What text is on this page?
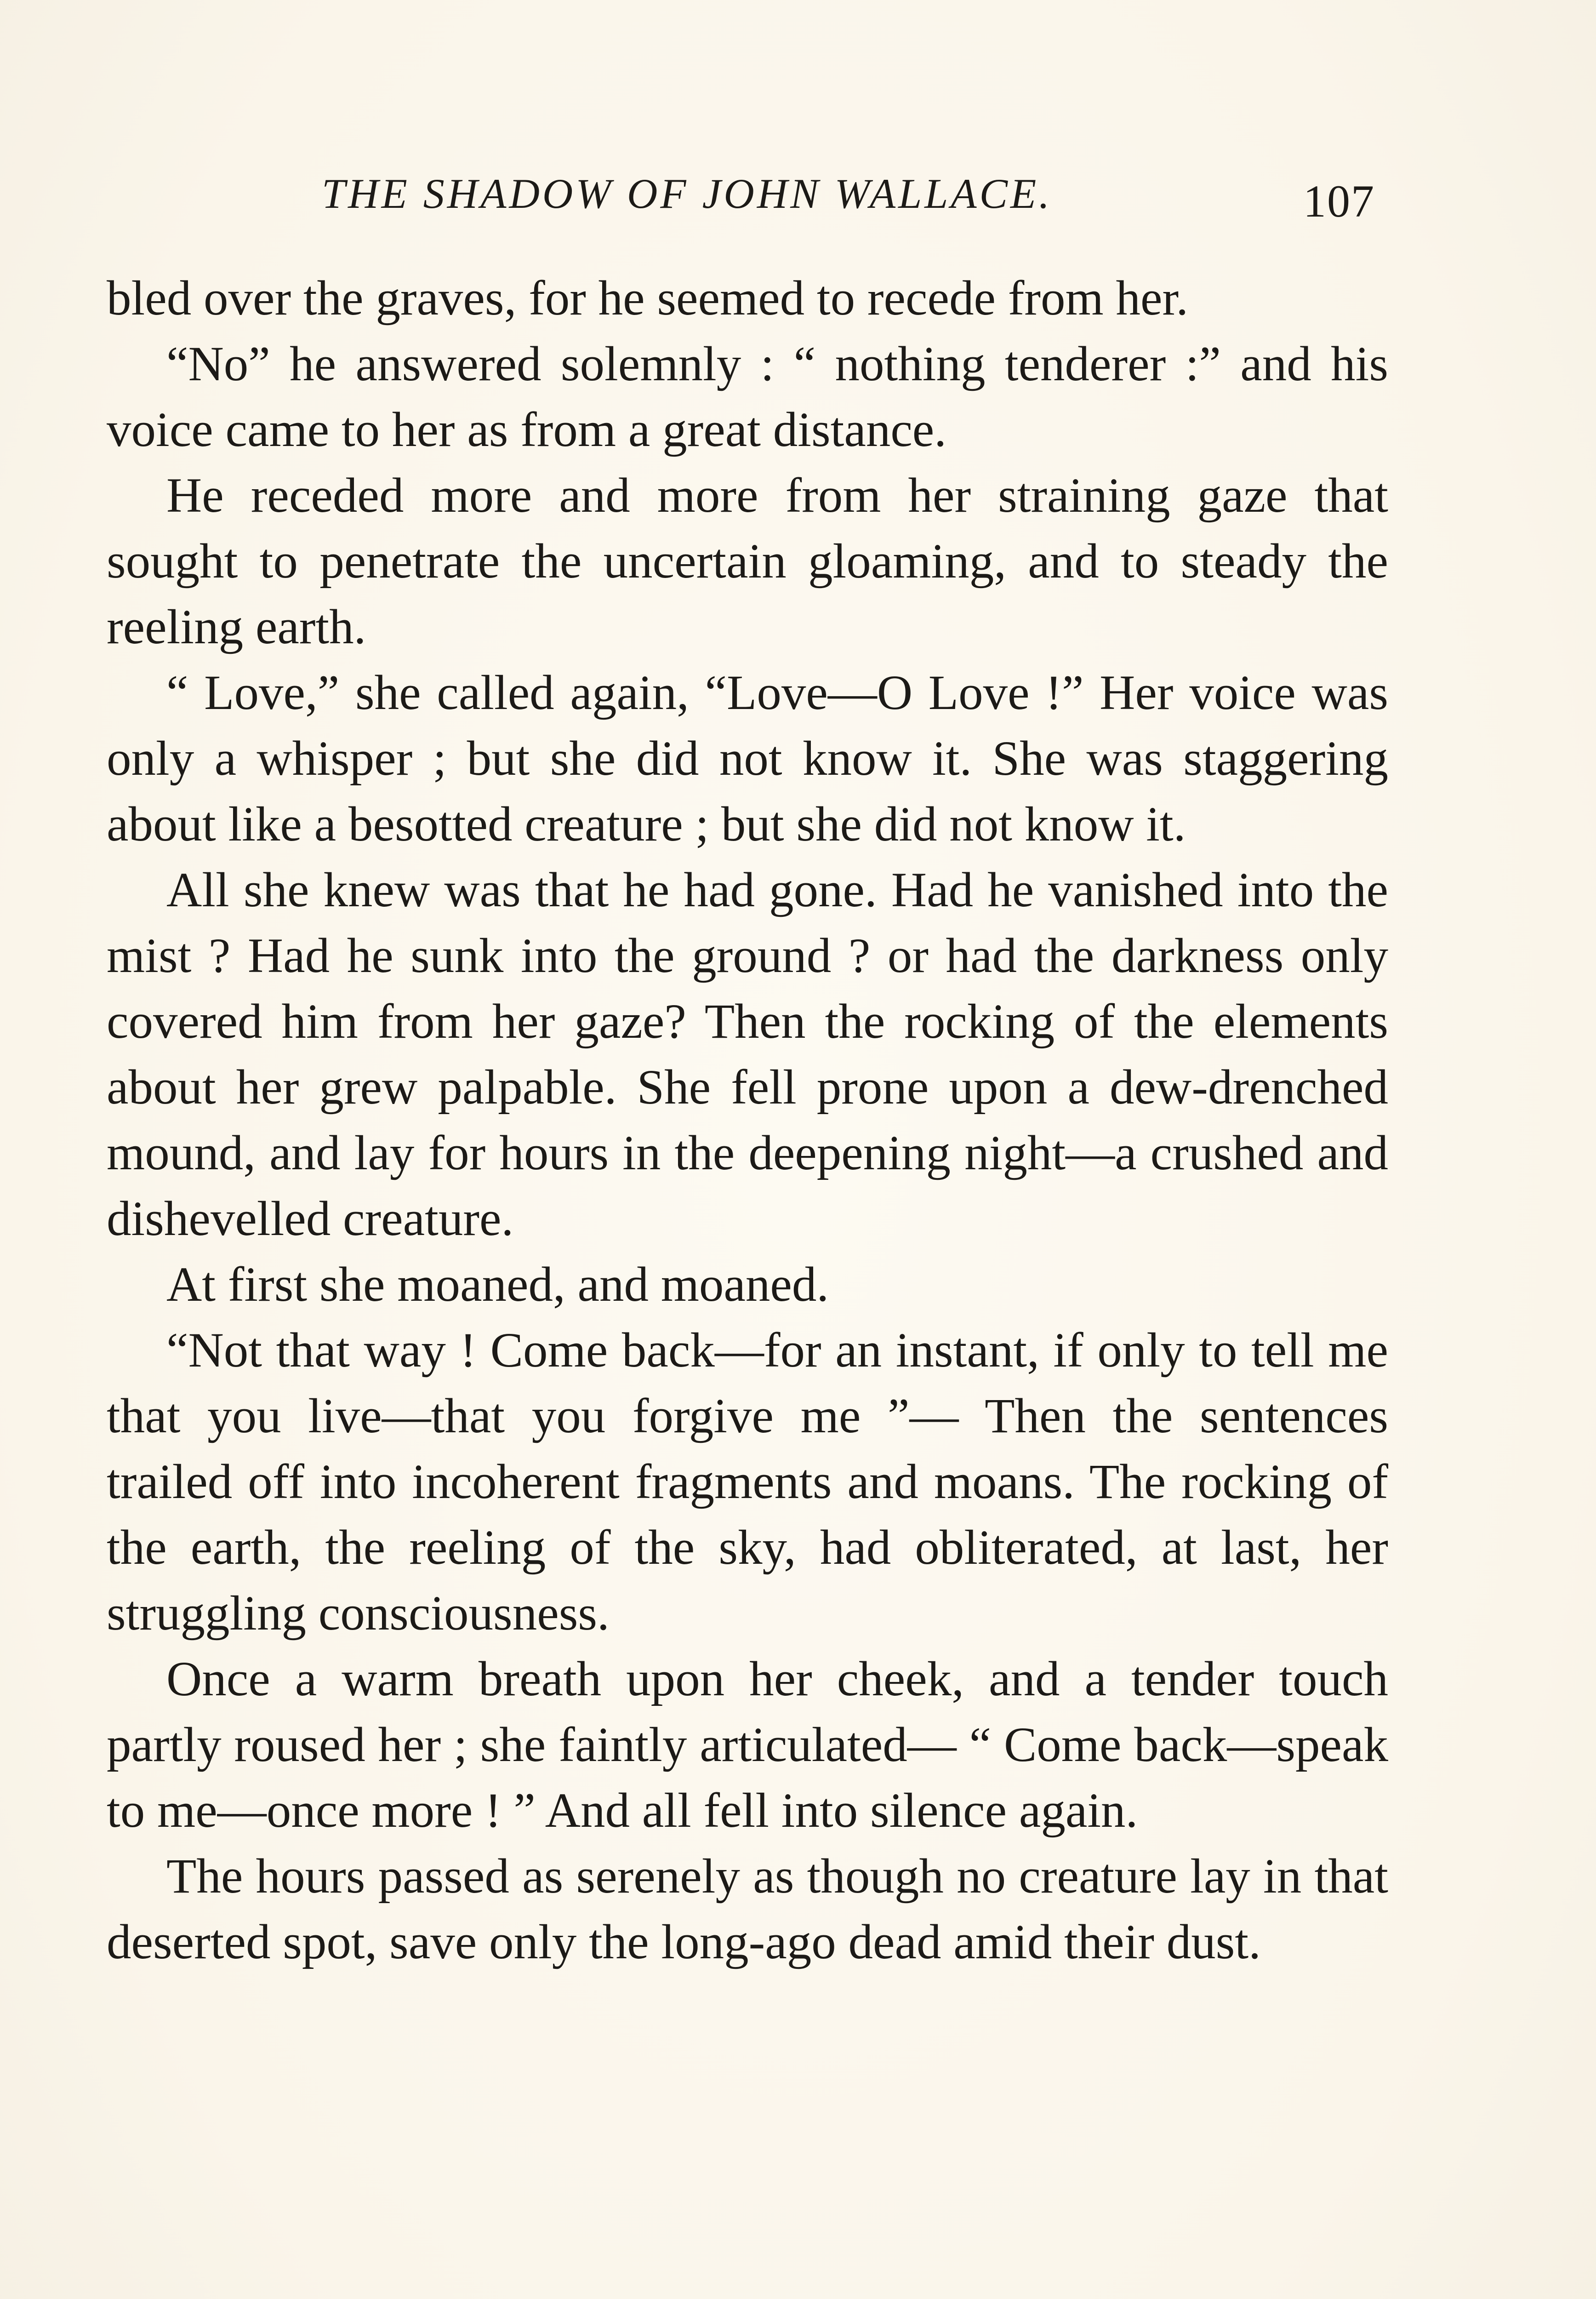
THE SHADOW OF JOHN WALLACE.	107

bled over the graves, for he seemed to recede from her.

“No” he answered solemnly : “ nothing tenderer :” and his voice came to her as from a great distance.

He receded more and more from her straining gaze that sought to penetrate the uncertain gloaming, and to steady the reeling earth.

“ Love,” she called again, “Love—O Love !” Her voice was only a whisper ; but she did not know it. She was staggering about like a besotted creature ; but she did not know it.

All she knew was that he had gone. Had he vanished into the mist ? Had he sunk into the ground ? or had the darkness only covered him from her gaze? Then the rocking of the elements about her grew palpable. She fell prone upon a dew-drenched mound, and lay for hours in the deepening night—a crushed and dishevelled creature.

At first she moaned, and moaned.

“Not that way ! Come back—for an instant, if only to tell me that you live—that you forgive me ”— Then the sentences trailed off into incoherent fragments and moans. The rocking of the earth, the reeling of the sky, had obliterated, at last, her struggling consciousness.

Once a warm breath upon her cheek, and a tender touch partly roused her ; she faintly articulated— “ Come back—speak to me—once more ! ” And all fell into silence again.

The hours passed as serenely as though no creature lay in that deserted spot, save only the long-ago dead amid their dust.
